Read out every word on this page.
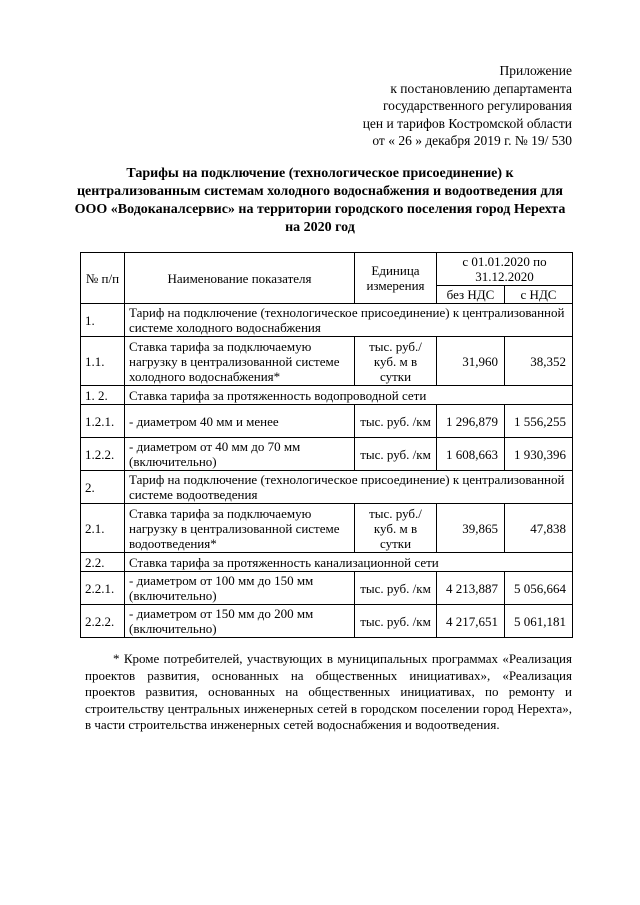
Приложение
к постановлению департамента
государственного регулирования
цен и тарифов Костромской области
от « 26 » декабря 2019 г. № 19/ 530
Тарифы на подключение (технологическое присоединение) к централизованным системам холодного водоснабжения и водоотведения для ООО «Водоканалсервис» на территории городского поселения город Нерехта на 2020 год
№ п/п	Наименование показателя	Единица измерения	с 01.01.2020 по 31.12.2020	
			без НДС	с НДС
1.	Тариф на подключение (технологическое присоединение) к централизованной системе холодного водоснабжения			
1.1.	Ставка тарифа за подключаемую нагрузку в централизованной системе холодного водоснабжения*	тыс. руб./ куб. м в сутки	31,960	38,352
1. 2.	Ставка тарифа за протяженность водопроводной сети			
1.2.1.	- диаметром 40 мм и менее	тыс. руб. /км	1 296,879	1 556,255
1.2.2.	- диаметром от 40 мм до 70 мм (включительно)	тыс. руб. /км	1 608,663	1 930,396
2.	Тариф на подключение (технологическое присоединение) к централизованной системе водоотведения			
2.1.	Ставка тарифа за подключаемую нагрузку в централизованной системе водоотведения*	тыс. руб./ куб. м в сутки	39,865	47,838
2.2.	Ставка тарифа за протяженность канализационной сети			
2.2.1.	- диаметром от 100 мм до 150 мм (включительно)	тыс. руб. /км	4 213,887	5 056,664
2.2.2.	- диаметром от 150 мм до 200 мм (включительно)	тыс. руб. /км	4 217,651	5 061,181
* Кроме потребителей, участвующих в муниципальных программах «Реализация проектов развития, основанных на общественных инициативах», «Реализация проектов развития, основанных на общественных инициативах, по ремонту и строительству центральных инженерных сетей в городском поселении город Нерехта», в части строительства инженерных сетей водоснабжения и водоотведения.
